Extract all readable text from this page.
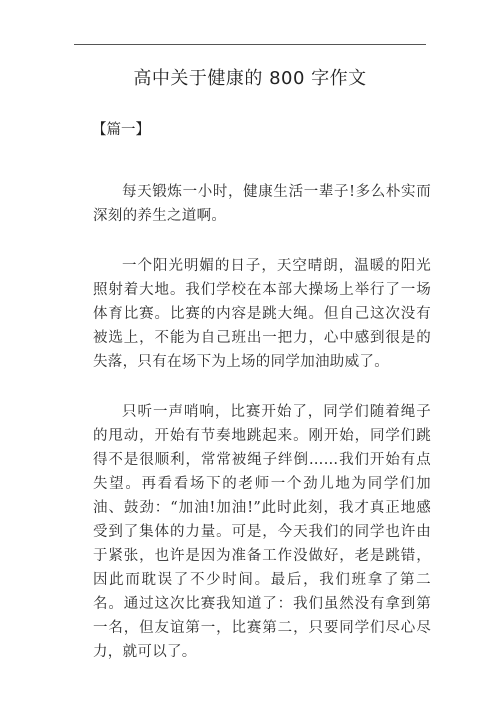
高中关于健康的 800 字作文
【篇一】

每天锻炼一小时，健康生活一辈子!多么朴实而深刻的养生之道啊。

一个阳光明媚的日子，天空晴朗，温暖的阳光照射着大地。我们学校在本部大操场上举行了一场体育比赛。比赛的内容是跳大绳。但自己这次没有被选上，不能为自己班出一把力，心中感到很是的失落，只有在场下为上场的同学加油助威了。

只听一声哨响，比赛开始了，同学们随着绳子的甩动，开始有节奏地跳起来。刚开始，同学们跳得不是很顺利，常常被绳子绊倒……我们开始有点失望。再看看场下的老师一个劲儿地为同学们加油、鼓劲：“加油!加油!”此时此刻，我才真正地感受到了集体的力量。可是，今天我们的同学也许由于紧张，也许是因为准备工作没做好，老是跳错，因此而耽误了不少时间。最后，我们班拿了第二名。通过这次比赛我知道了：我们虽然没有拿到第一名，但友谊第一，比赛第二，只要同学们尽心尽力，就可以了。
